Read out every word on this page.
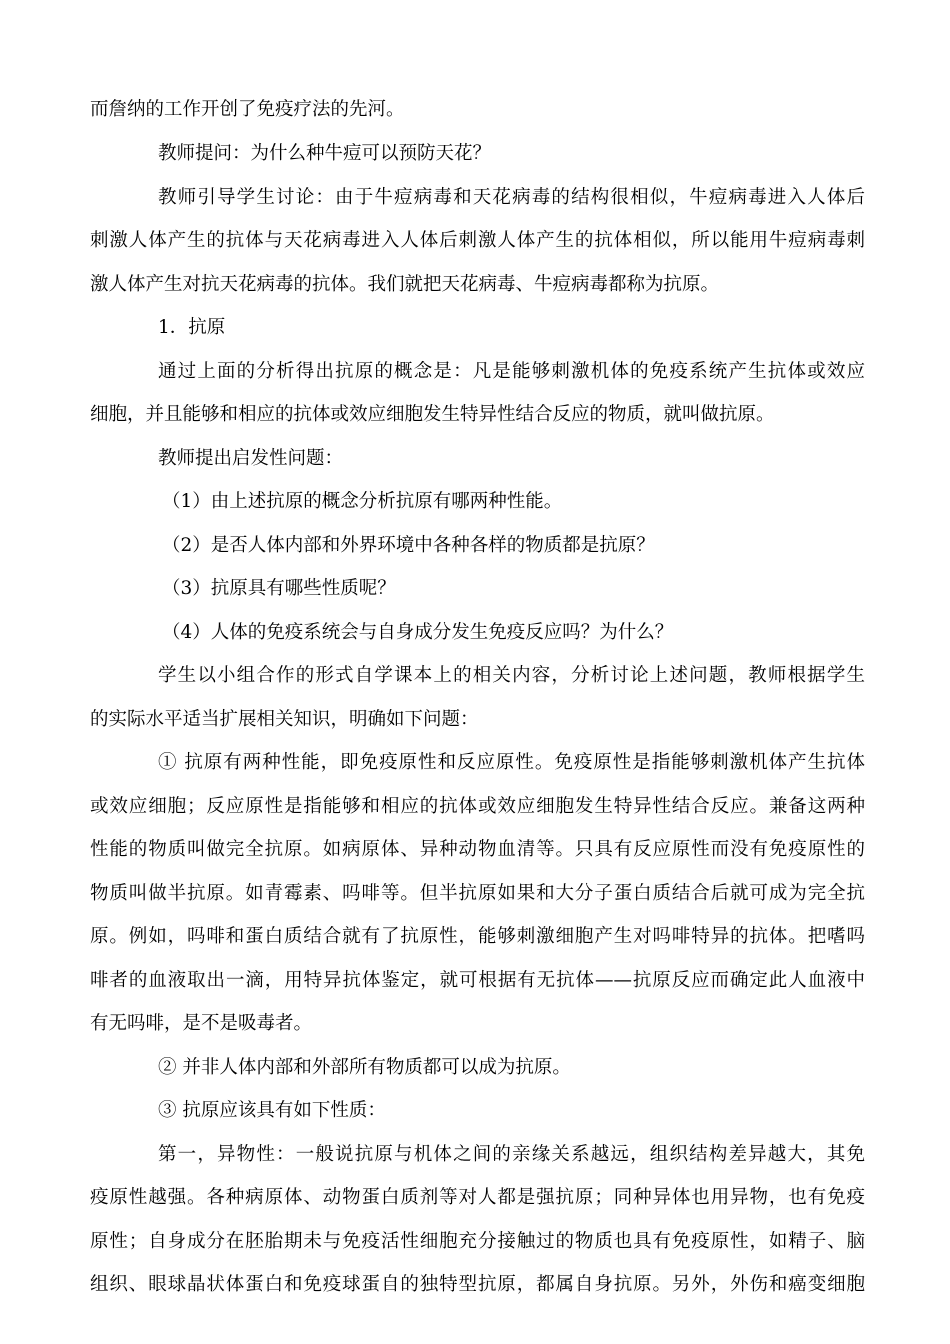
而詹纳的工作开创了免疫疗法的先河。
教师提问：为什么种牛痘可以预防天花？
教师引导学生讨论：由于牛痘病毒和天花病毒的结构很相似，牛痘病毒进入人体后
刺激人体产生的抗体与天花病毒进入人体后刺激人体产生的抗体相似，所以能用牛痘病毒刺
激人体产生对抗天花病毒的抗体。我们就把天花病毒、牛痘病毒都称为抗原。
1．抗原
通过上面的分析得出抗原的概念是：凡是能够刺激机体的免疫系统产生抗体或效应
细胞，并且能够和相应的抗体或效应细胞发生特异性结合反应的物质，就叫做抗原。
教师提出启发性问题：
（1）由上述抗原的概念分析抗原有哪两种性能。
（2）是否人体内部和外界环境中各种各样的物质都是抗原？
（3）抗原具有哪些性质呢？
（4）人体的免疫系统会与自身成分发生免疫反应吗？为什么？
学生以小组合作的形式自学课本上的相关内容，分析讨论上述问题，教师根据学生
的实际水平适当扩展相关知识，明确如下问题：
① 抗原有两种性能，即免疫原性和反应原性。免疫原性是指能够刺激机体产生抗体
或效应细胞；反应原性是指能够和相应的抗体或效应细胞发生特异性结合反应。兼备这两种
性能的物质叫做完全抗原。如病原体、异种动物血清等。只具有反应原性而没有免疫原性的
物质叫做半抗原。如青霉素、吗啡等。但半抗原如果和大分子蛋白质结合后就可成为完全抗
原。例如，吗啡和蛋白质结合就有了抗原性，能够刺激细胞产生对吗啡特异的抗体。把嗜吗
啡者的血液取出一滴，用特异抗体鉴定，就可根据有无抗体——抗原反应而确定此人血液中
有无吗啡，是不是吸毒者。
② 并非人体内部和外部所有物质都可以成为抗原。
③ 抗原应该具有如下性质：
第一，异物性：一般说抗原与机体之间的亲缘关系越远，组织结构差异越大，其免
疫原性越强。各种病原体、动物蛋白质剂等对人都是强抗原；同种异体也用异物，也有免疫
原性；自身成分在胚胎期未与免疫活性细胞充分接触过的物质也具有免疫原性，如精子、脑
组织、眼球晶状体蛋白和免疫球蛋自的独特型抗原，都属自身抗原。另外，外伤和癌变细胞
